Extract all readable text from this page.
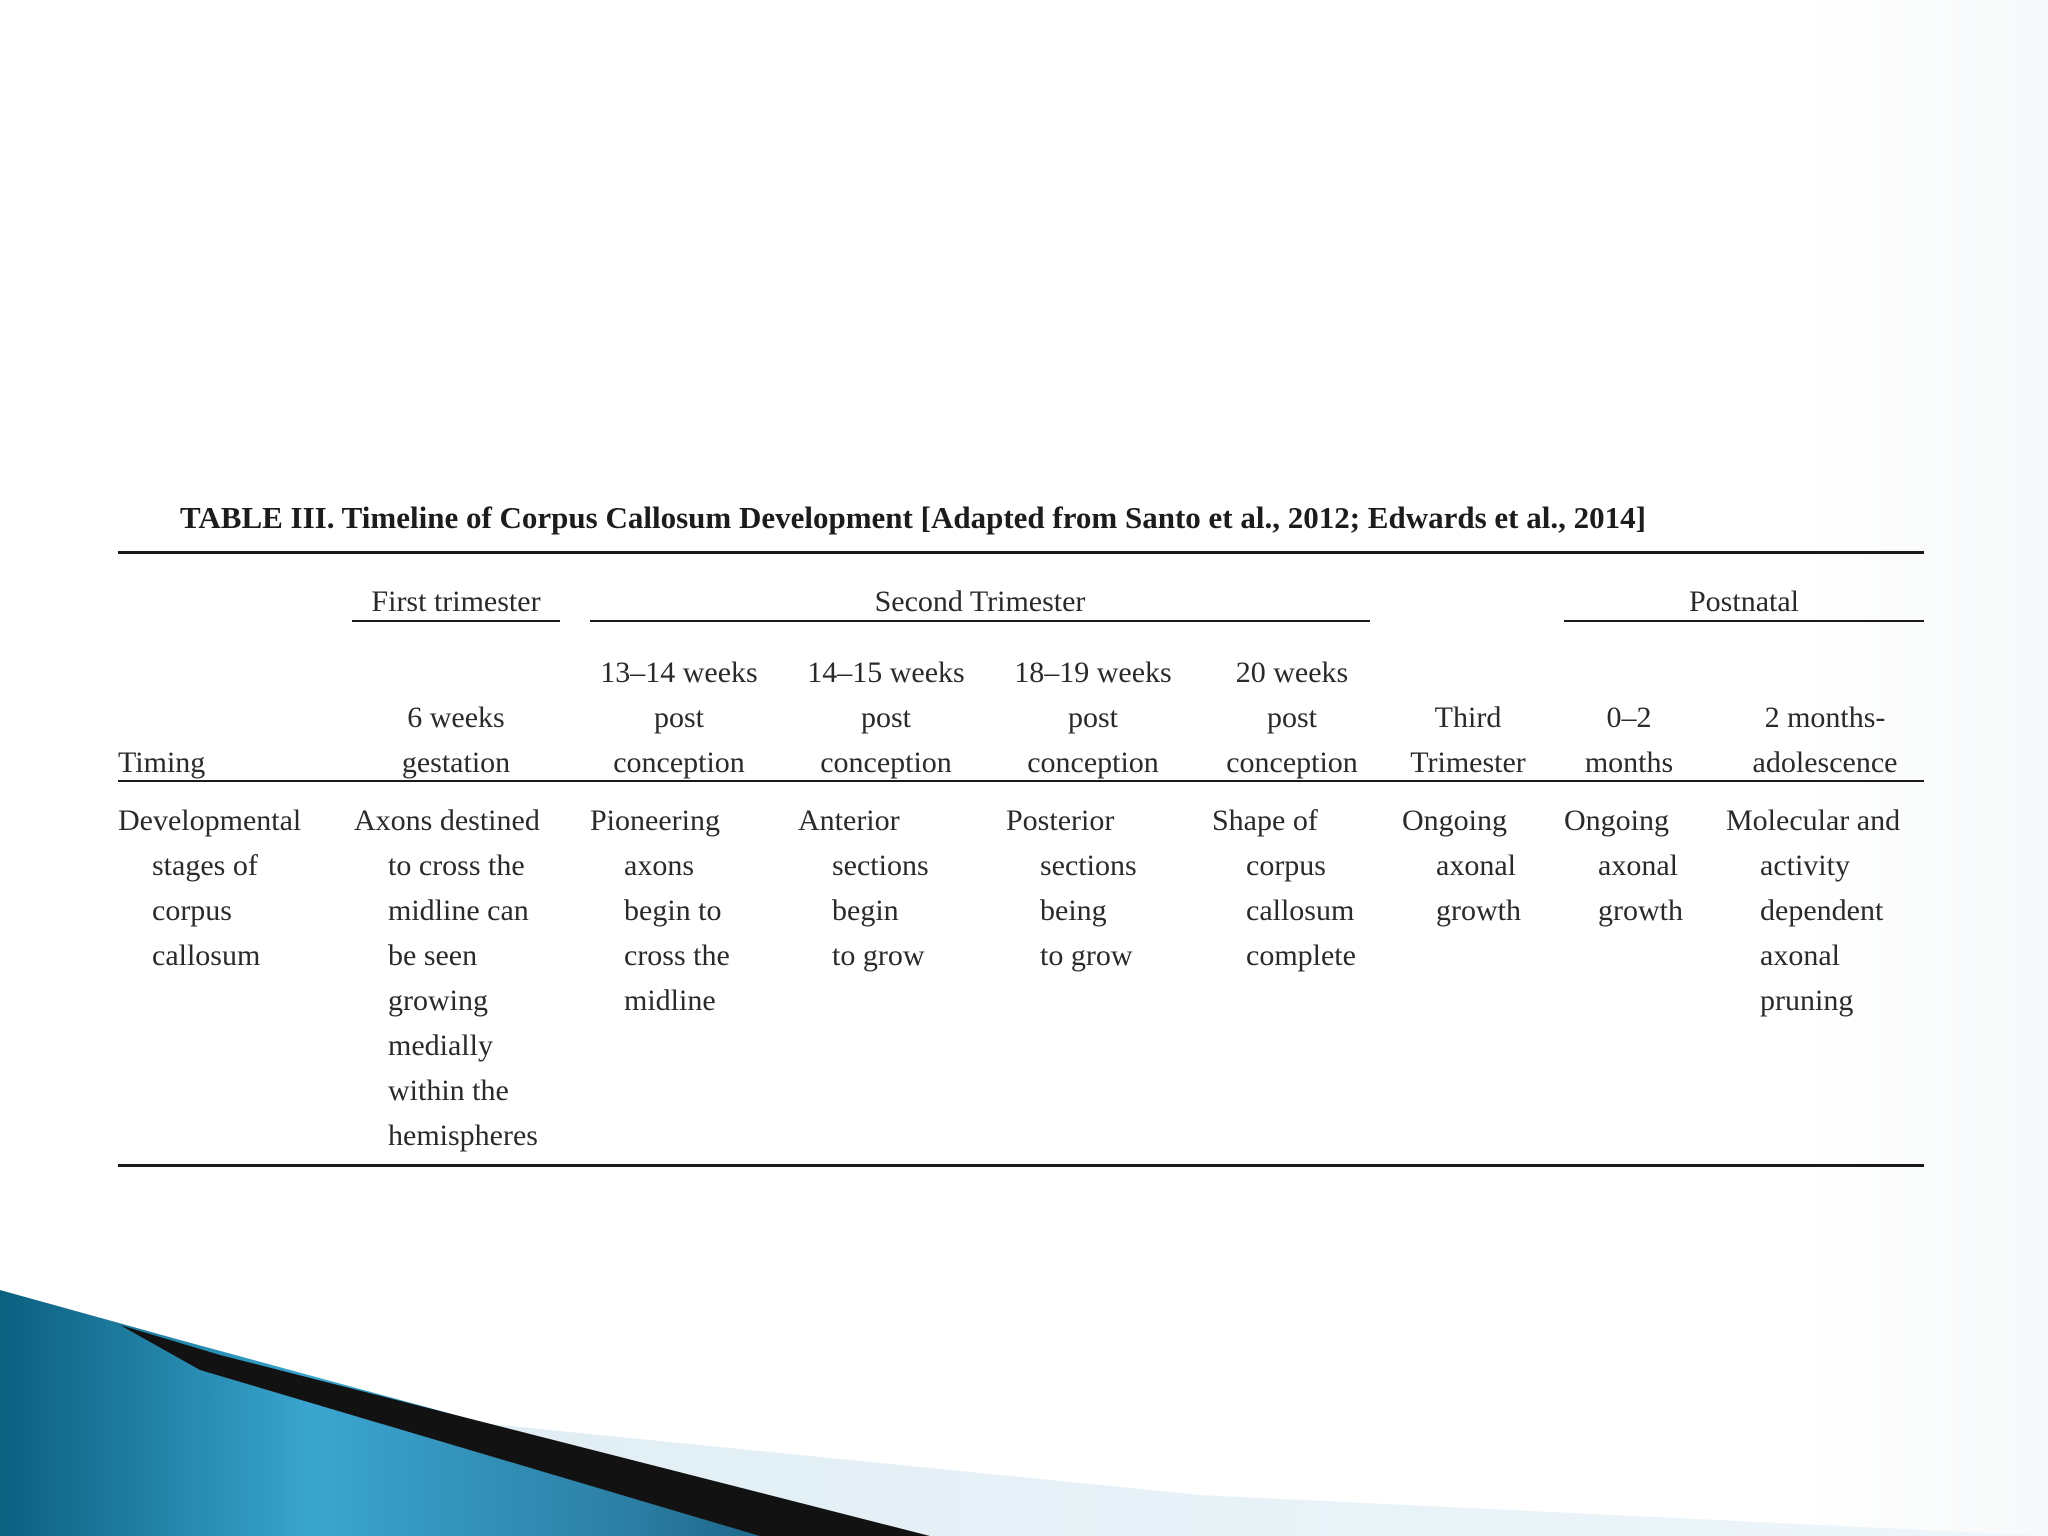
TABLE III. Timeline of Corpus Callosum Development [Adapted from Santo et al., 2012; Edwards et al., 2014]
First trimester	Second Trimester	Postnatal
Timing
6 weeks
gestation
13–14 weeks
post
conception
14–15 weeks
post
conception
18–19 weeks
post
conception
20 weeks
post
conception
Third
Trimester
0–2
months
2 months-
adolescence
Developmental
stages of
corpus
callosum
Axons destined
to cross the
midline can
be seen
growing
medially
within the
hemispheres
Pioneering
axons
begin to
cross the
midline
Anterior
sections
begin
to grow
Posterior
sections
being
to grow
Shape of
corpus
callosum
complete
Ongoing
axonal
growth
Ongoing
axonal
growth
Molecular and
activity
dependent
axonal
pruning
